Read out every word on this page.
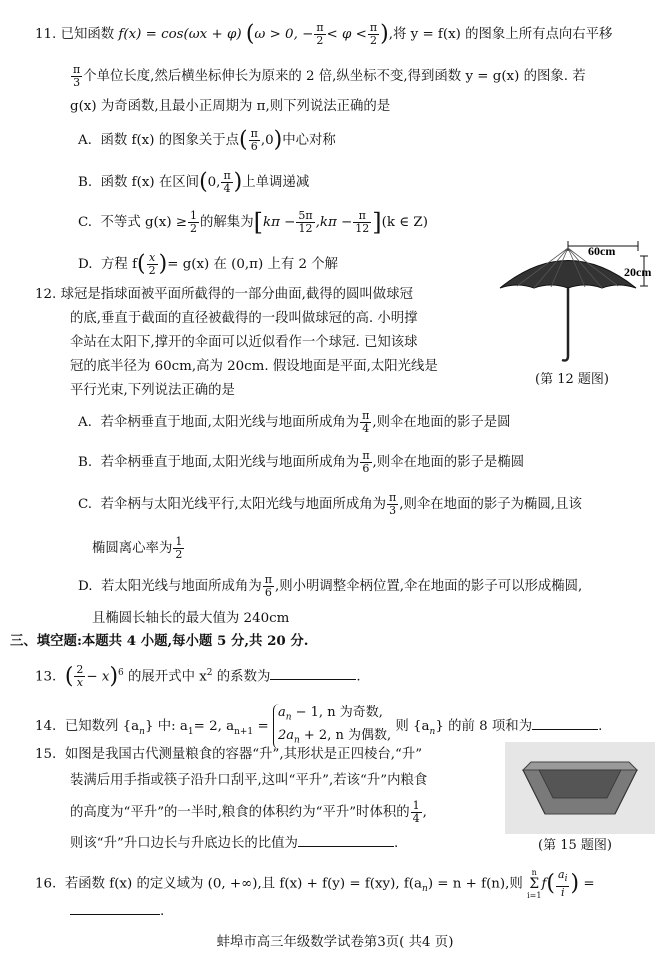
11. 已知函数 f(x) = cos(ωx + φ) (ω > 0, − $\frac{\pi}{2} < \varphi < \frac{\pi}{2}$ ),将 y = f(x) 的图象上所有点向右平移
$\frac{\pi}{3}$ 个单位长度,然后横坐标伸长为原来的 2 倍,纵坐标不变,得到函数 y = g(x) 的图象. 若
g(x) 为奇函数,且最小正周期为 π,则下列说法正确的是
A. 函数 f(x) 的图象关于点( $\frac{\pi}{6} ,0$)中心对称
B. 函数 f(x) 在区间(0, $\frac{\pi}{4}$ )上单调递减
C. 不等式 $g(x) \ge \frac{1}{2}$ 的解集为$[k\pi - \frac{5\pi}{12} ,k\pi - \frac{\pi}{12} ](k$ ∈ Z)
D. 方程 $f( \frac{x}{2}$ )= g(x) 在 (0,π) 上有 2 个解
60cm
20cm
(第 12 题图)
12. 球冠是指球面被平面所截得的一部分曲面,截得的圆叫做球冠
的底,垂直于截面的直径被截得的一段叫做球冠的高. 小明撑
伞站在太阳下,撑开的伞面可以近似看作一个球冠. 已知该球
冠的底半径为 60cm,高为 20cm. 假设地面是平面,太阳光线是
平行光束,下列说法正确的是
A. 若伞柄垂直于地面,太阳光线与地面所成角为 $\frac{\pi}{4}$ ,则伞在地面的影子是圆
B. 若伞柄垂直于地面,太阳光线与地面所成角为 $\frac{\pi}{6}$ ,则伞在地面的影子是椭圆
C. 若伞柄与太阳光线平行,太阳光线与地面所成角为 $\frac{\pi}{3}$ ,则伞在地面的影子为椭圆,且该
椭圆离心率为 $\frac{1}{2}$
D. 若太阳光线与地面所成角为 $\frac{\pi}{6}$ ,则小明调整伞柄位置,伞在地面的影子可以形成椭圆,
且椭圆长轴长的最大值为 240cm
三、填空题:本题共 4 小题,每小题 5 分,共 20 分.
13. ( $\frac{2}{x} - x)^6$ 的展开式中 $x^2$ 的系数为	.
14. 已知数列 $\{a_n\}$ 中: $a_1= 2$, $a_{n+1}$ =
$a_n - 1$, n 为奇数,
$2a_n + 2$, n 为偶数,
则 $\{a_n\}$ 的前 8 项和为	.
(第 15 题图)
15. 如图是我国古代测量粮食的容器“升”,其形状是正四棱台,“升”
装满后用手指或筷子沿升口刮平,这叫“平升”,若该“升”内粮食
的高度为“平升”的一半时,粮食的体积约为“平升”时体积的 $\frac{1}{4}$ ,
则该“升”升口边长与升底边长的比值为	.
16. 若函数 f(x) 的定义域为 (0, +∞),且 f(x) + f(y) = f(xy), $f(a_n) = n + f(n)$,则
n
Σ
i=1
$f( \frac{a_i}{i}$ ) =
.
蚌埠市高三年级数学试卷第3页( 共4 页)
